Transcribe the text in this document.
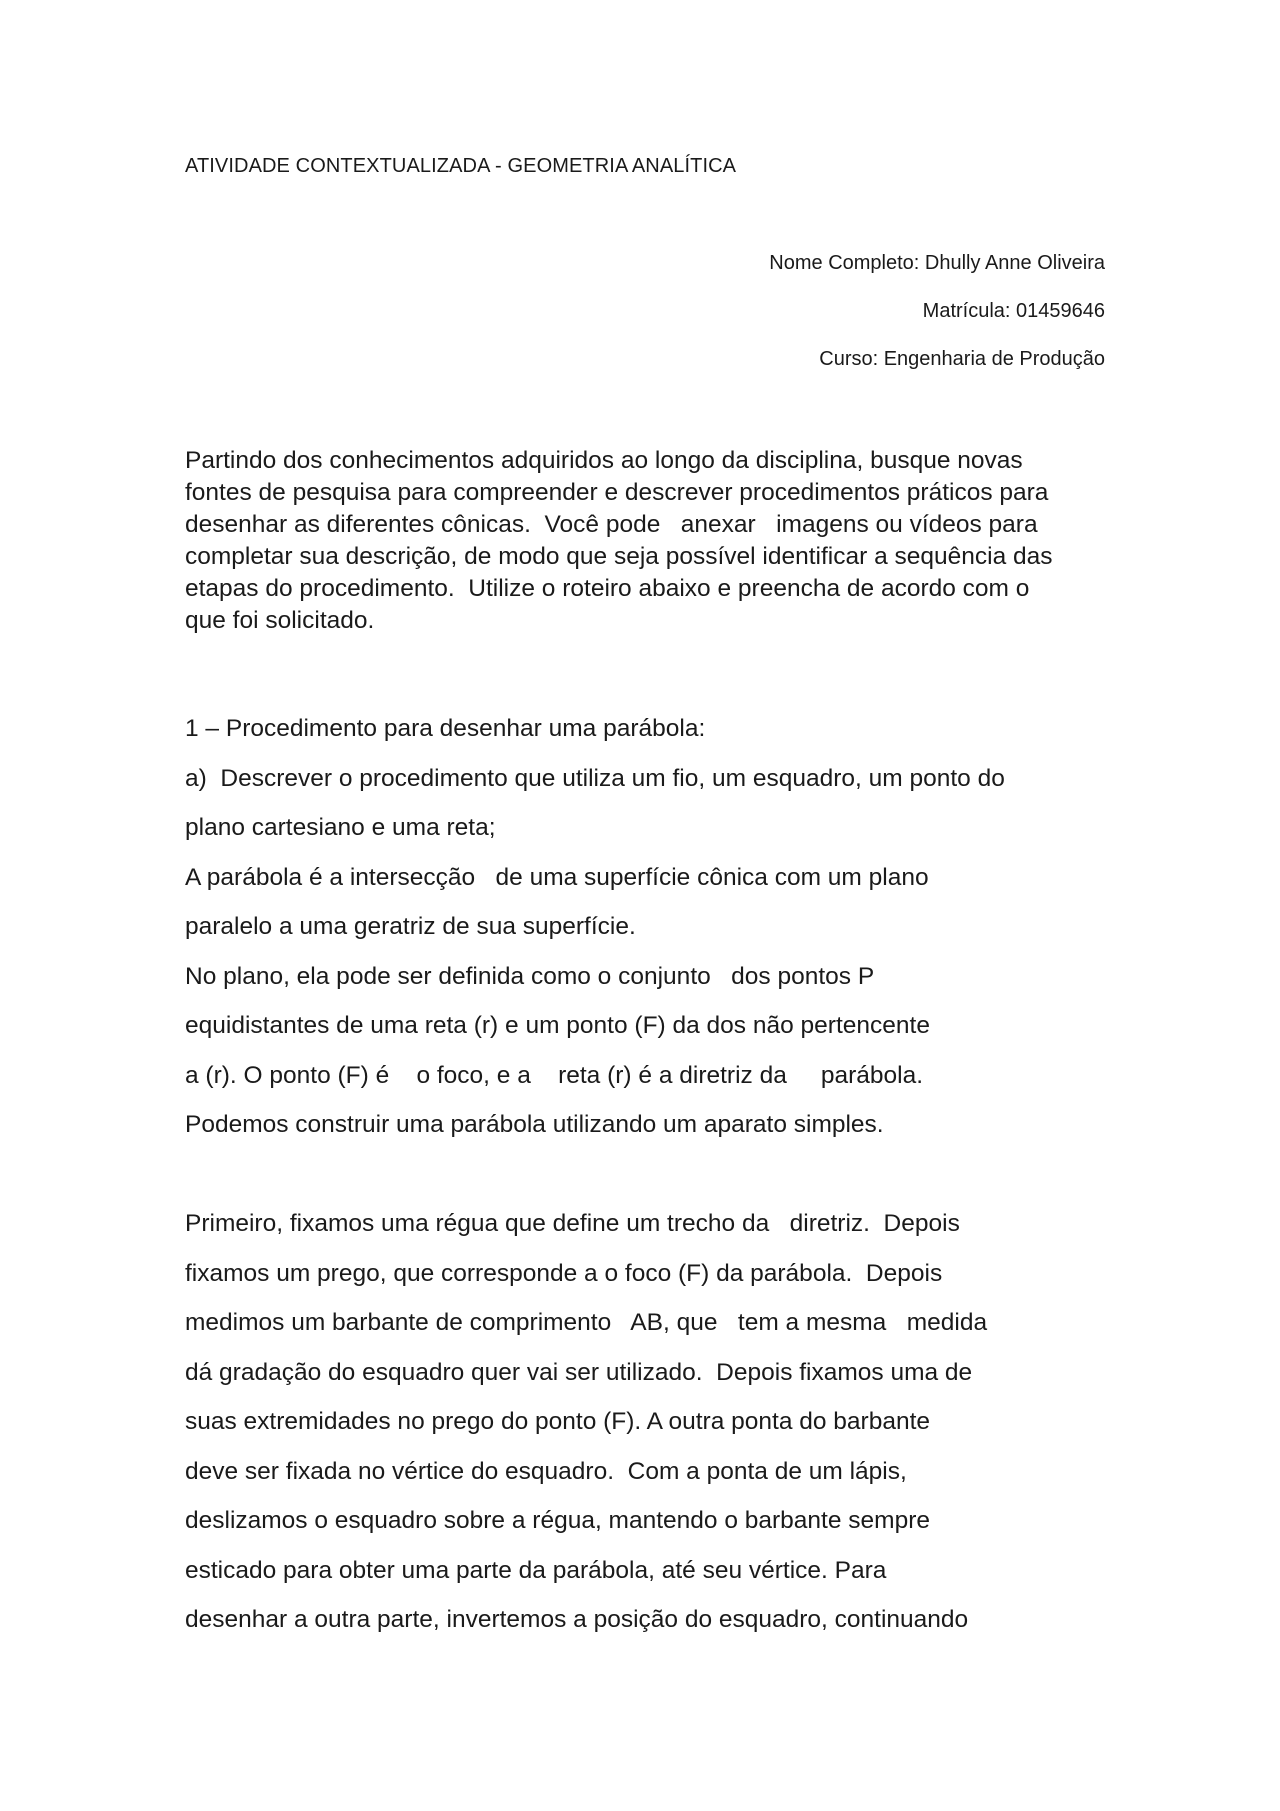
ATIVIDADE CONTEXTUALIZADA - GEOMETRIA ANALÍTICA

Nome Completo: Dhully Anne Oliveira

Matrícula: 01459646

Curso: Engenharia de Produção

Partindo dos conhecimentos adquiridos ao longo da disciplina, busque novas
fontes de pesquisa para compreender e descrever procedimentos práticos para
desenhar as diferentes cônicas.  Você pode   anexar   imagens ou vídeos para
completar sua descrição, de modo que seja possível identificar a sequência das
etapas do procedimento.  Utilize o roteiro abaixo e preencha de acordo com o
que foi solicitado.
1 – Procedimento para desenhar uma parábola:
a)  Descrever o procedimento que utiliza um fio, um esquadro, um ponto do
plano cartesiano e uma reta;
A parábola é a intersecção   de uma superfície cônica com um plano
paralelo a uma geratriz de sua superfície.
No plano, ela pode ser definida como o conjunto   dos pontos P
equidistantes de uma reta (r) e um ponto (F) da dos não pertencente
a (r). O ponto (F) é    o foco, e a    reta (r) é a diretriz da     parábola.
Podemos construir uma parábola utilizando um aparato simples.
Primeiro, fixamos uma régua que define um trecho da   diretriz.  Depois
fixamos um prego, que corresponde a o foco (F) da parábola.  Depois
medimos um barbante de comprimento   AB, que   tem a mesma   medida
dá gradação do esquadro quer vai ser utilizado.  Depois fixamos uma de
suas extremidades no prego do ponto (F). A outra ponta do barbante
deve ser fixada no vértice do esquadro.  Com a ponta de um lápis,
deslizamos o esquadro sobre a régua, mantendo o barbante sempre
esticado para obter uma parte da parábola, até seu vértice. Para
desenhar a outra parte, invertemos a posição do esquadro, continuando
